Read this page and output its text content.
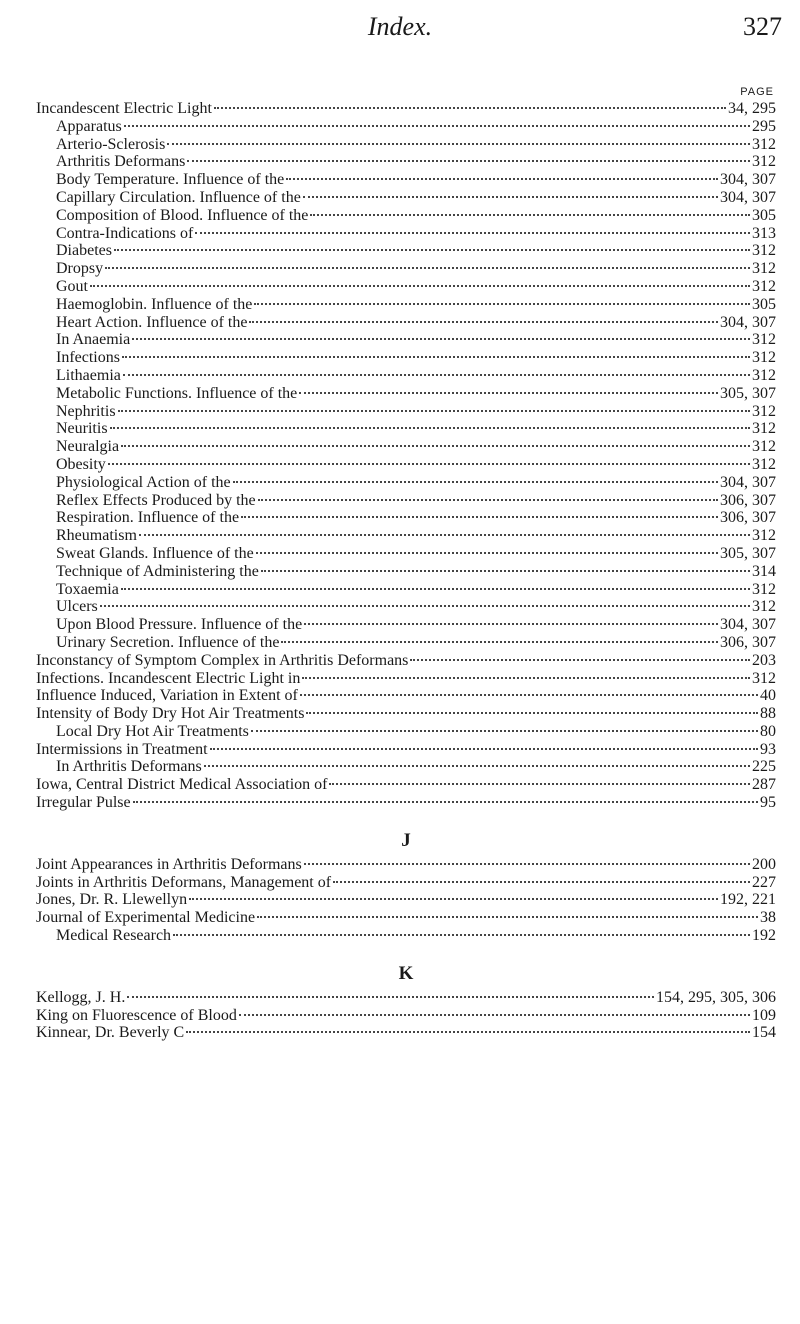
Index.	327
PAGE
Incandescent Electric Light	34, 295
Apparatus	295
Arterio-Sclerosis	312
Arthritis Deformans	312
Body Temperature. Influence of the	304, 307
Capillary Circulation. Influence of the	304, 307
Composition of Blood. Influence of the	305
Contra-Indications of	313
Diabetes	312
Dropsy	312
Gout	312
Haemoglobin. Influence of the	305
Heart Action. Influence of the	304, 307
In Anaemia	312
Infections	312
Lithaemia	312
Metabolic Functions. Influence of the	305, 307
Nephritis	312
Neuritis	312
Neuralgia	312
Obesity	312
Physiological Action of the	304, 307
Reflex Effects Produced by the	306, 307
Respiration. Influence of the	306, 307
Rheumatism	312
Sweat Glands. Influence of the	305, 307
Technique of Administering the	314
Toxaemia	312
Ulcers	312
Upon Blood Pressure. Influence of the	304, 307
Urinary Secretion. Influence of the	306, 307
Inconstancy of Symptom Complex in Arthritis Deformans	203
Infections. Incandescent Electric Light in	312
Influence Induced, Variation in Extent of	40
Intensity of Body Dry Hot Air Treatments	88
Local Dry Hot Air Treatments	80
Intermissions in Treatment	93
In Arthritis Deformans	225
Iowa, Central District Medical Association of	287
Irregular Pulse	95
J
Joint Appearances in Arthritis Deformans	200
Joints in Arthritis Deformans, Management of	227
Jones, Dr. R. Llewellyn	192, 221
Journal of Experimental Medicine	38
Medical Research	192
K
Kellogg, J. H.	154, 295, 305, 306
King on Fluorescence of Blood	109
Kinnear, Dr. Beverly C	154
